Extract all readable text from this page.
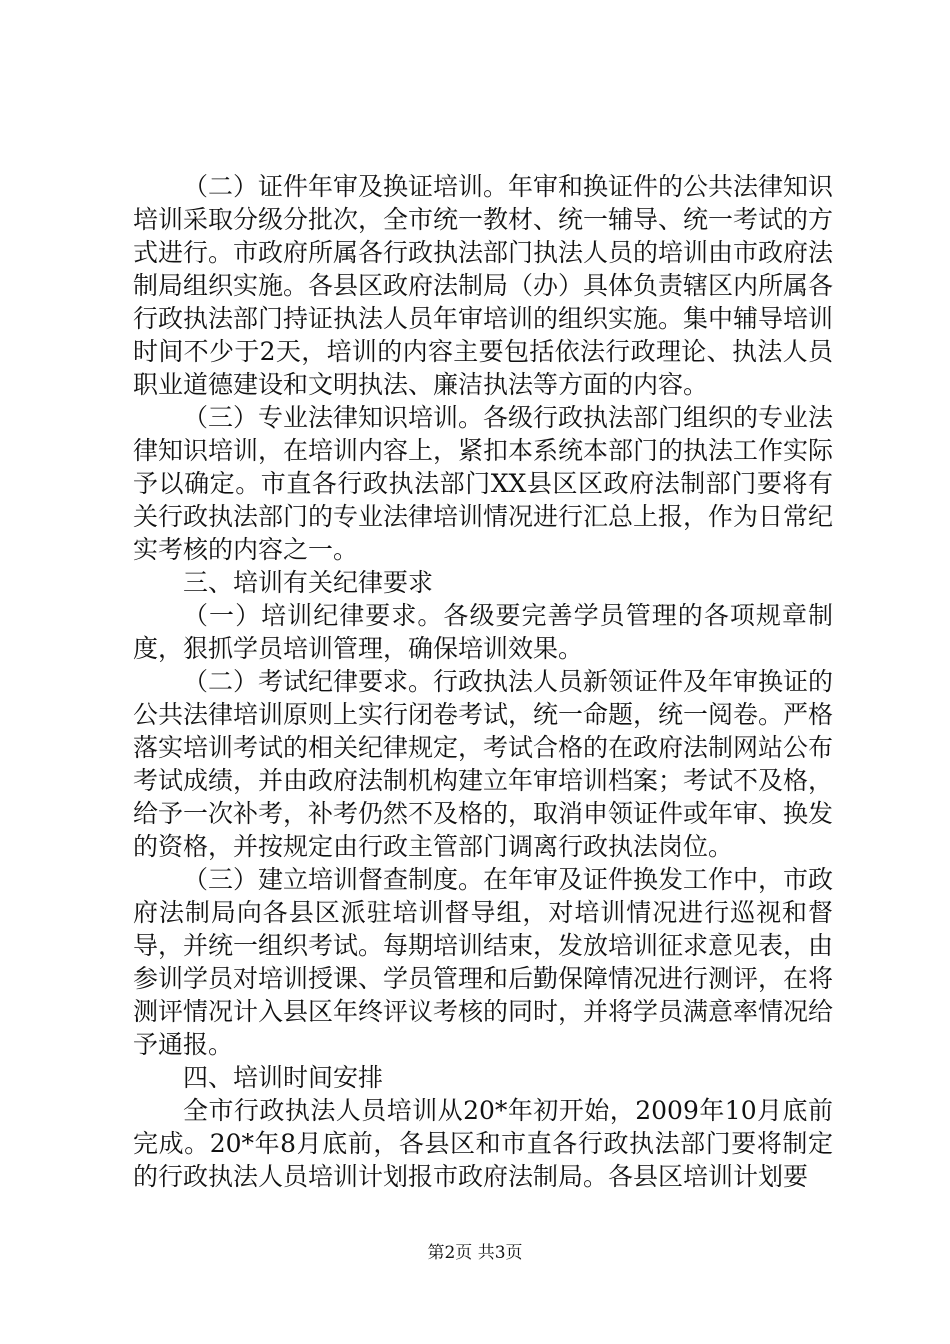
（二）证件年审及换证培训。年审和换证件的公共法律知识培训采取分级分批次，全市统一教材、统一辅导、统一考试的方式进行。市政府所属各行政执法部门执法人员的培训由市政府法制局组织实施。各县区政府法制局（办）具体负责辖区内所属各行政执法部门持证执法人员年审培训的组织实施。集中辅导培训时间不少于2天，培训的内容主要包括依法行政理论、执法人员职业道德建设和文明执法、廉洁执法等方面的内容。

（三）专业法律知识培训。各级行政执法部门组织的专业法律知识培训，在培训内容上，紧扣本系统本部门的执法工作实际予以确定。市直各行政执法部门XX县区区政府法制部门要将有关行政执法部门的专业法律培训情况进行汇总上报，作为日常纪实考核的内容之一。

三、培训有关纪律要求

（一）培训纪律要求。各级要完善学员管理的各项规章制度，狠抓学员培训管理，确保培训效果。

（二）考试纪律要求。行政执法人员新领证件及年审换证的公共法律培训原则上实行闭卷考试，统一命题，统一阅卷。严格落实培训考试的相关纪律规定，考试合格的在政府法制网站公布考试成绩，并由政府法制机构建立年审培训档案；考试不及格，给予一次补考，补考仍然不及格的，取消申领证件或年审、换发的资格，并按规定由行政主管部门调离行政执法岗位。

（三）建立培训督查制度。在年审及证件换发工作中，市政府法制局向各县区派驻培训督导组，对培训情况进行巡视和督导，并统一组织考试。每期培训结束，发放培训征求意见表，由参训学员对培训授课、学员管理和后勤保障情况进行测评，在将测评情况计入县区年终评议考核的同时，并将学员满意率情况给予通报。

四、培训时间安排

全市行政执法人员培训从20*年初开始，2009年10月底前完成。20*年8月底前，各县区和市直各行政执法部门要将制定的行政执法人员培训计划报市政府法制局。各县区培训计划要

第2页 共3页
